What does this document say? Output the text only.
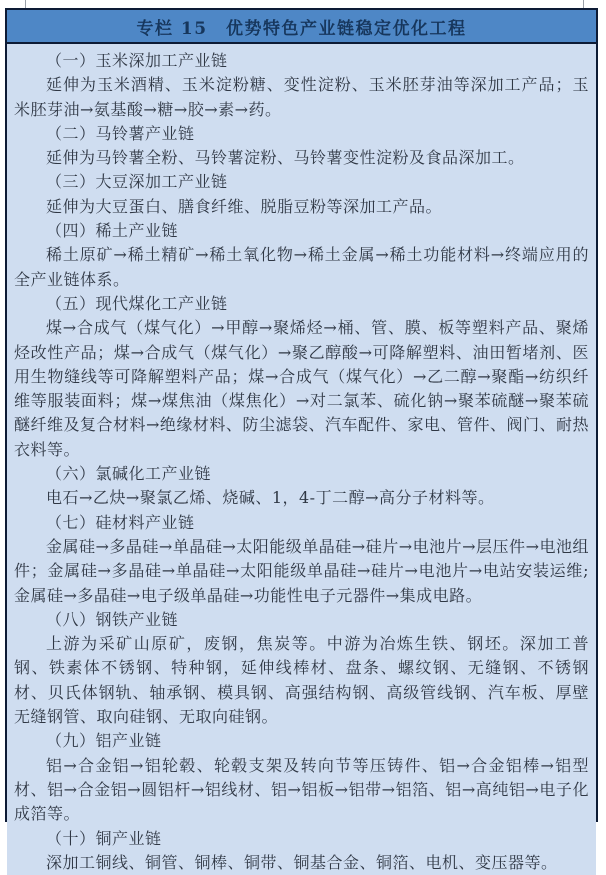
专栏 15　优势特色产业链稳定优化工程

（一）玉米深加工产业链

延伸为玉米酒精、玉米淀粉糖、变性淀粉、玉米胚芽油等深加工产品；玉米胚芽油→氨基酸→糖→胶→素→药。

（二）马铃薯产业链

延伸为马铃薯全粉、马铃薯淀粉、马铃薯变性淀粉及食品深加工。

（三）大豆深加工产业链

延伸为大豆蛋白、膳食纤维、脱脂豆粉等深加工产品。

（四）稀土产业链

稀土原矿→稀土精矿→稀土氧化物→稀土金属→稀土功能材料→终端应用的全产业链体系。

（五）现代煤化工产业链

煤→合成气（煤气化）→甲醇→聚烯烃→桶、管、膜、板等塑料产品、聚烯烃改性产品；煤→合成气（煤气化）→聚乙醇酸→可降解塑料、油田暂堵剂、医用生物缝线等可降解塑料产品；煤→合成气（煤气化）→乙二醇→聚酯→纺织纤维等服装面料；煤→煤焦油（煤焦化）→对二氯苯、硫化钠→聚苯硫醚→聚苯硫醚纤维及复合材料→绝缘材料、防尘滤袋、汽车配件、家电、管件、阀门、耐热衣料等。

（六）氯碱化工产业链

电石→乙炔→聚氯乙烯、烧碱、1，4-丁二醇→高分子材料等。

（七）硅材料产业链

金属硅→多晶硅→单晶硅→太阳能级单晶硅→硅片→电池片→层压件→电池组件；金属硅→多晶硅→单晶硅→太阳能级单晶硅→硅片→电池片→电站安装运维;金属硅→多晶硅→电子级单晶硅→功能性电子元器件→集成电路。

（八）钢铁产业链

上游为采矿山原矿，废钢，焦炭等。中游为冶炼生铁、钢坯。深加工普钢、铁素体不锈钢、特种钢，延伸线棒材、盘条、螺纹钢、无缝钢、不锈钢材、贝氏体钢轨、轴承钢、模具钢、高强结构钢、高级管线钢、汽车板、厚壁无缝钢管、取向硅钢、无取向硅钢。

（九）铝产业链

铝→合金铝→铝轮毂、轮毂支架及转向节等压铸件、铝→合金铝棒→铝型材、铝→合金铝→圆铝杆→铝线材、铝→铝板→铝带→铝箔、铝→高纯铝→电子化成箔等。

（十）铜产业链

深加工铜线、铜管、铜棒、铜带、铜基合金、铜箔、电机、变压器等。
